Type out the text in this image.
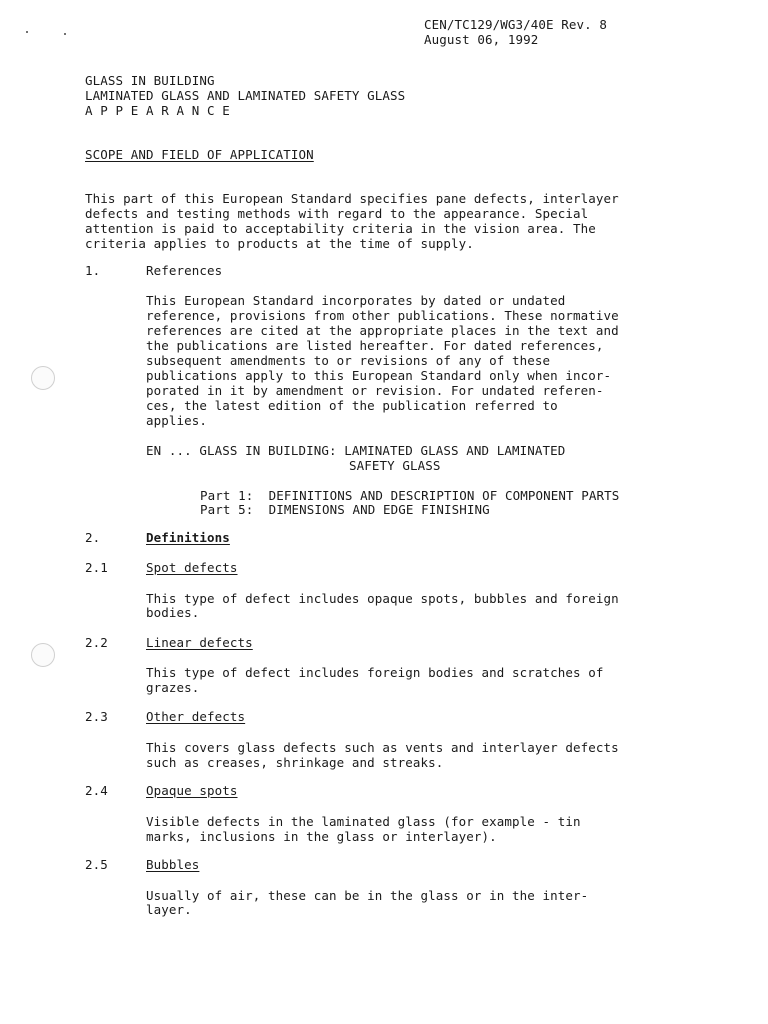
CEN/TC129/WG3/40E Rev. 8
August 06, 1992
GLASS IN BUILDING
LAMINATED GLASS AND LAMINATED SAFETY GLASS
A P P E A R A N C E
SCOPE AND FIELD OF APPLICATION
This part of this European Standard specifies pane defects, interlayer
defects and testing methods with regard to the appearance. Special
attention is paid to acceptability criteria in the vision area. The
criteria applies to products at the time of supply.
1.	References
This European Standard incorporates by dated or undated
reference, provisions from other publications. These normative
references are cited at the appropriate places in the text and
the publications are listed hereafter. For dated references,
subsequent amendments to or revisions of any of these
publications apply to this European Standard only when incor-
porated in it by amendment or revision. For undated referen-
ces, the latest edition of the publication referred to
applies.
EN ... GLASS IN BUILDING: LAMINATED GLASS AND LAMINATED
SAFETY GLASS
Part 1:  DEFINITIONS AND DESCRIPTION OF COMPONENT PARTS
Part 5:  DIMENSIONS AND EDGE FINISHING
2.	Definitions
2.1	Spot defects
This type of defect includes opaque spots, bubbles and foreign
bodies.
2.2	Linear defects
This type of defect includes foreign bodies and scratches of
grazes.
2.3	Other defects
This covers glass defects such as vents and interlayer defects
such as creases, shrinkage and streaks.
2.4	Opaque spots
Visible defects in the laminated glass (for example - tin
marks, inclusions in the glass or interlayer).
2.5	Bubbles
Usually of air, these can be in the glass or in the inter-
layer.
